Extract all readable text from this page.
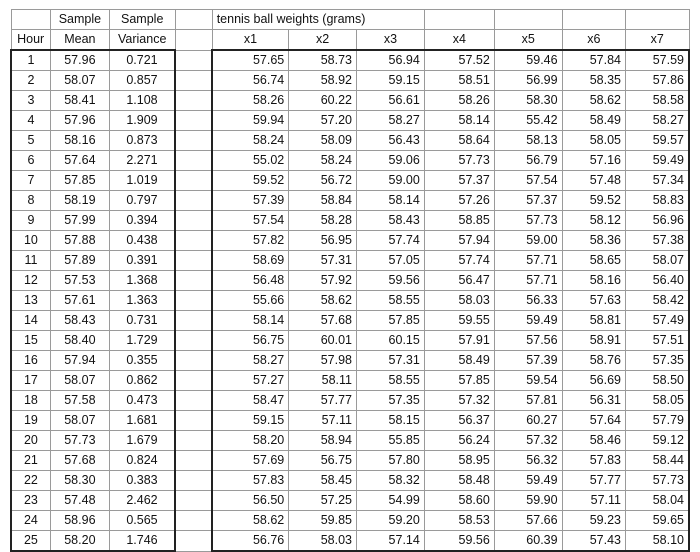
	Sample	Sample		tennis ball weights (grams)						
Hour	Mean	Variance		x1	x2	x3	x4	x5	x6	x7
1	57.96	0.721		57.65	58.73	56.94	57.52	59.46	57.84	57.59
2	58.07	0.857		56.74	58.92	59.15	58.51	56.99	58.35	57.86
3	58.41	1.108		58.26	60.22	56.61	58.26	58.30	58.62	58.58
4	57.96	1.909		59.94	57.20	58.27	58.14	55.42	58.49	58.27
5	58.16	0.873		58.24	58.09	56.43	58.64	58.13	58.05	59.57
6	57.64	2.271		55.02	58.24	59.06	57.73	56.79	57.16	59.49
7	57.85	1.019		59.52	56.72	59.00	57.37	57.54	57.48	57.34
8	58.19	0.797		57.39	58.84	58.14	57.26	57.37	59.52	58.83
9	57.99	0.394		57.54	58.28	58.43	58.85	57.73	58.12	56.96
10	57.88	0.438		57.82	56.95	57.74	57.94	59.00	58.36	57.38
11	57.89	0.391		58.69	57.31	57.05	57.74	57.71	58.65	58.07
12	57.53	1.368		56.48	57.92	59.56	56.47	57.71	58.16	56.40
13	57.61	1.363		55.66	58.62	58.55	58.03	56.33	57.63	58.42
14	58.43	0.731		58.14	57.68	57.85	59.55	59.49	58.81	57.49
15	58.40	1.729		56.75	60.01	60.15	57.91	57.56	58.91	57.51
16	57.94	0.355		58.27	57.98	57.31	58.49	57.39	58.76	57.35
17	58.07	0.862		57.27	58.11	58.55	57.85	59.54	56.69	58.50
18	57.58	0.473		58.47	57.77	57.35	57.32	57.81	56.31	58.05
19	58.07	1.681		59.15	57.11	58.15	56.37	60.27	57.64	57.79
20	57.73	1.679		58.20	58.94	55.85	56.24	57.32	58.46	59.12
21	57.68	0.824		57.69	56.75	57.80	58.95	56.32	57.83	58.44
22	58.30	0.383		57.83	58.45	58.32	58.48	59.49	57.77	57.73
23	57.48	2.462		56.50	57.25	54.99	58.60	59.90	57.11	58.04
24	58.96	0.565		58.62	59.85	59.20	58.53	57.66	59.23	59.65
25	58.20	1.746		56.76	58.03	57.14	59.56	60.39	57.43	58.10
